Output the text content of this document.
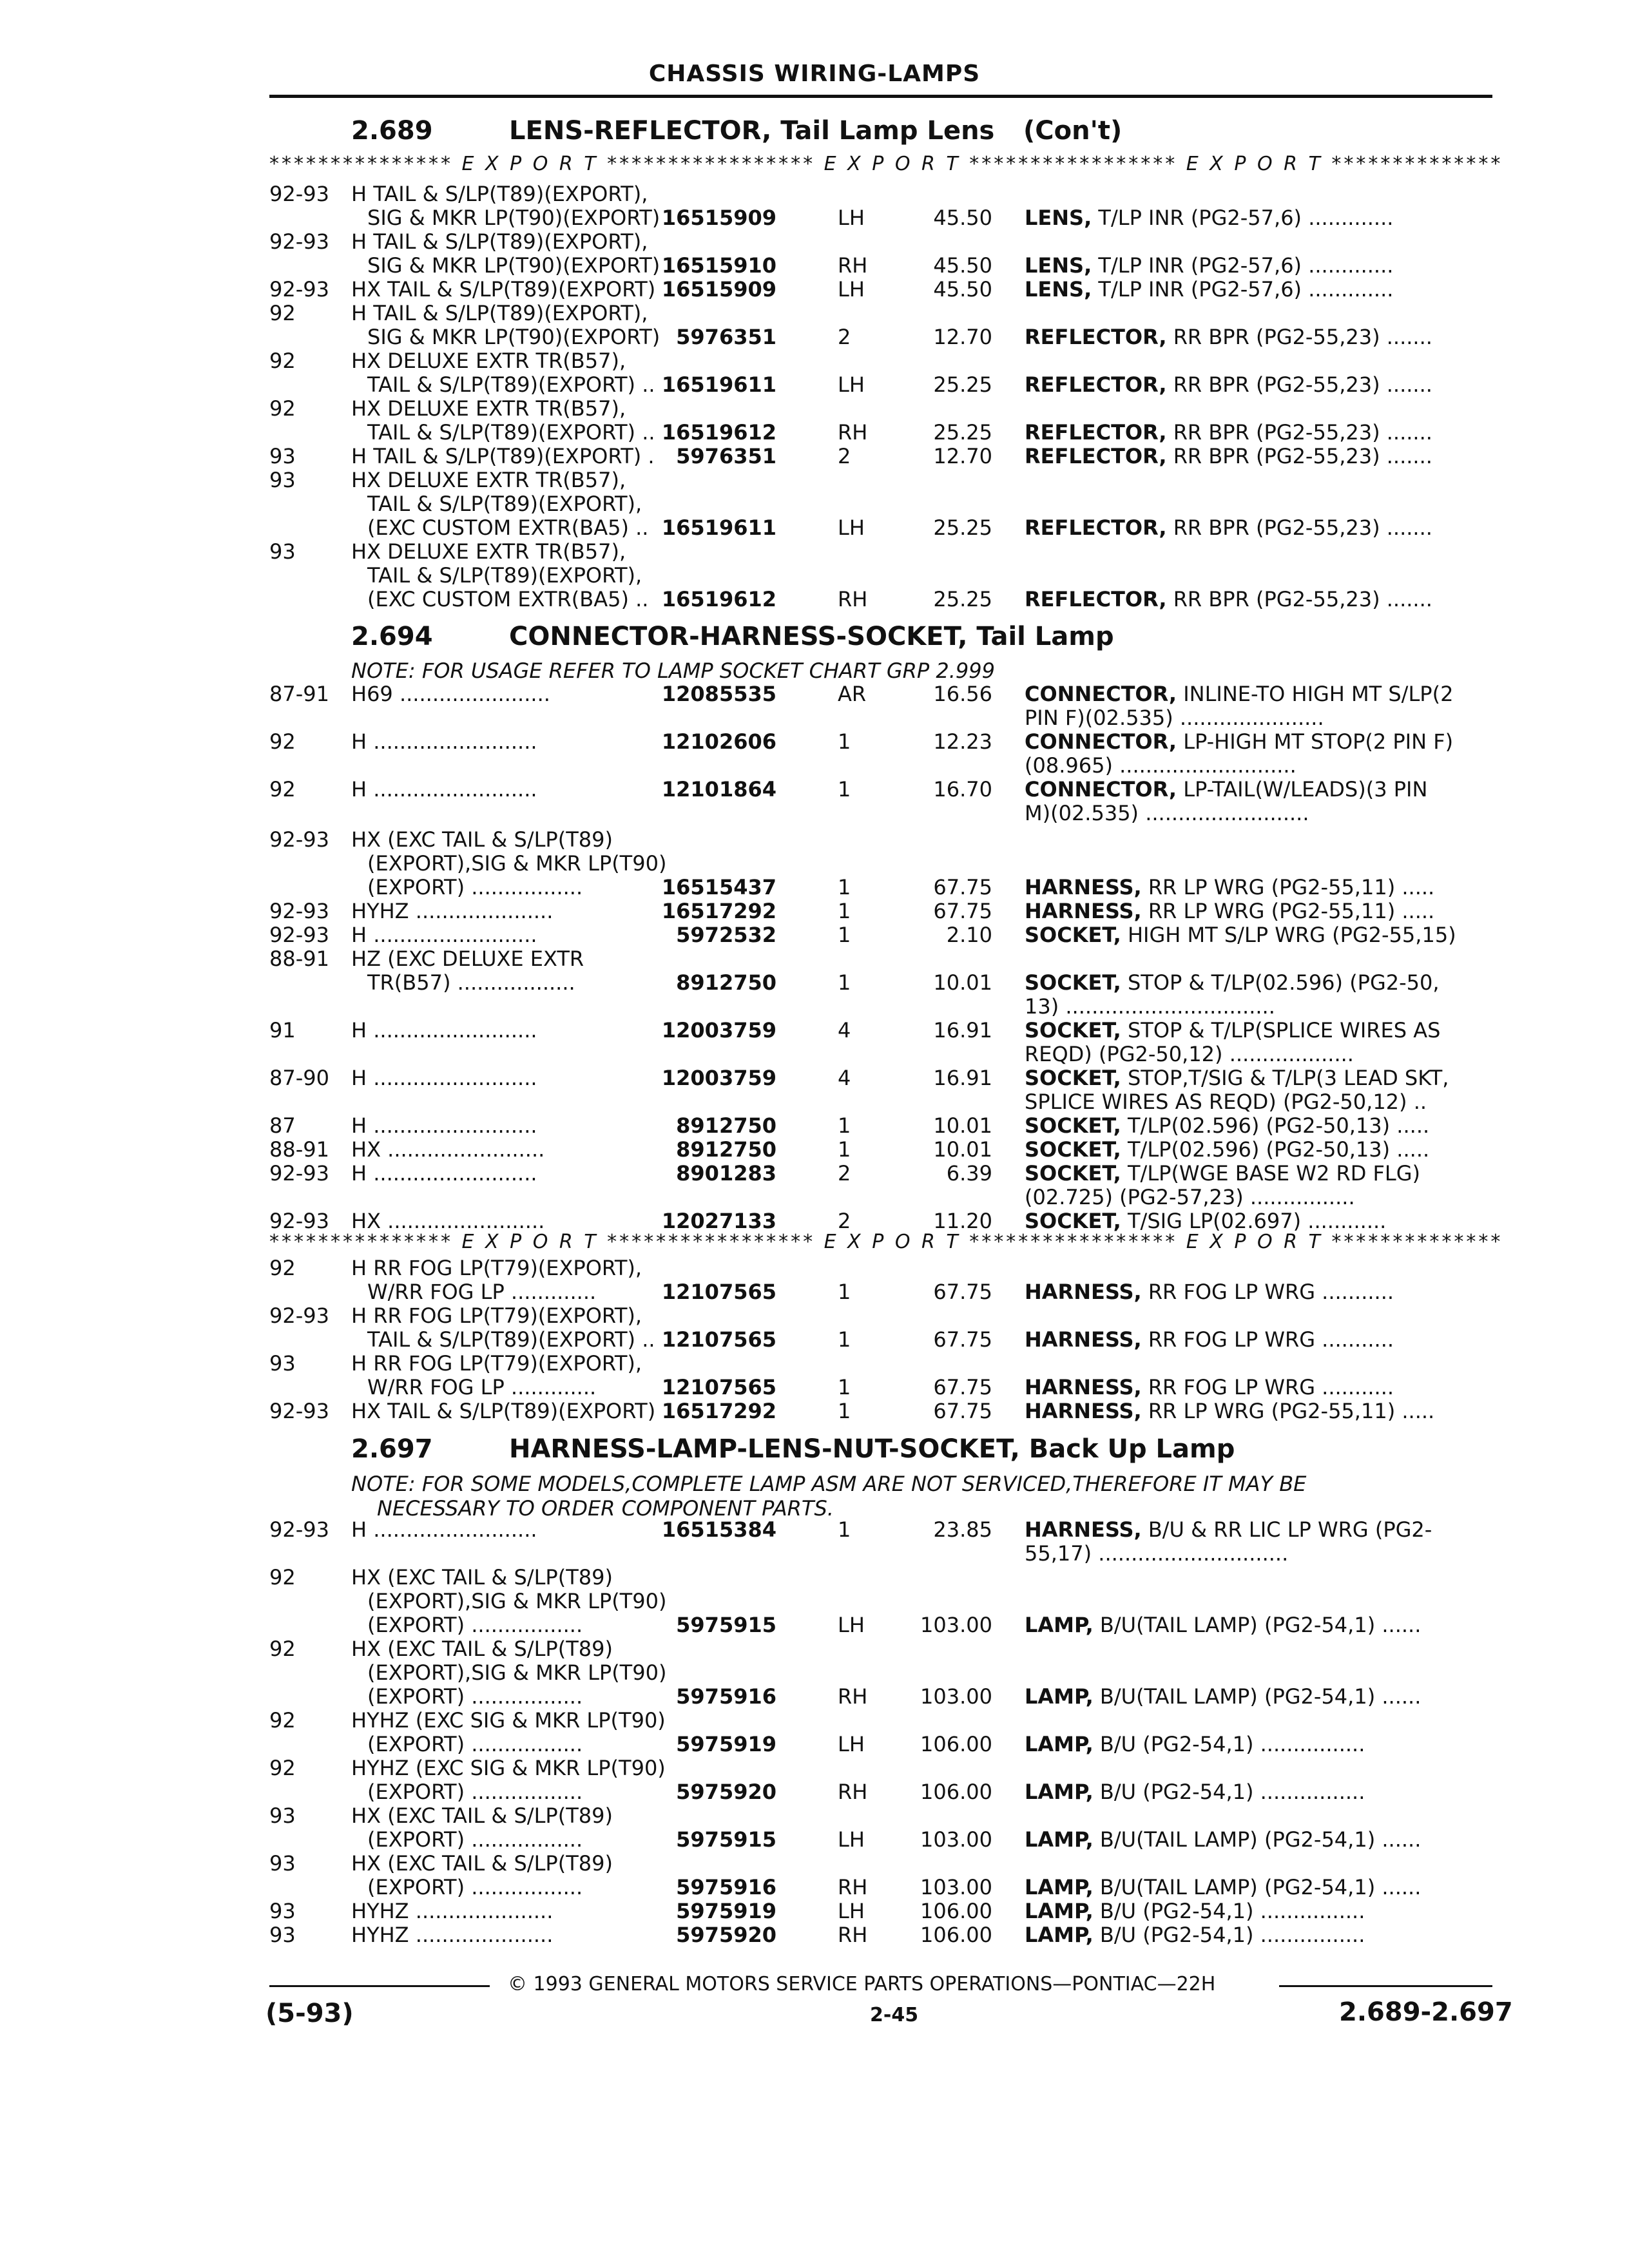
CHASSIS WIRING-LAMPS
2.689	LENS-REFLECTOR, Tail Lamp Lens (Con't)
*************** E X P O R T ***************** E X P O R T ***************** E X P O R T **************
2.694	CONNECTOR-HARNESS-SOCKET, Tail Lamp
NOTE: FOR USAGE REFER TO LAMP SOCKET CHART GRP 2.999
*************** E X P O R T ***************** E X P O R T ***************** E X P O R T **************
2.697	HARNESS-LAMP-LENS-NUT-SOCKET, Back Up Lamp
NOTE: FOR SOME MODELS,COMPLETE LAMP ASM ARE NOT SERVICED,THEREFORE IT MAY BE
NECESSARY TO ORDER COMPONENT PARTS.
92-93 H TAIL & S/LP(T89)(EXPORT),
SIG & MKR LP(T90)(EXPORT) 16515909	LH	45.50 LENS, T/LP INR (PG2-57,6) .............
92-93 H TAIL & S/LP(T89)(EXPORT),
SIG & MKR LP(T90)(EXPORT) 16515910	RH	45.50 LENS, T/LP INR (PG2-57,6) .............
92-93 HX TAIL & S/LP(T89)(EXPORT) 16515909	LH	45.50 LENS, T/LP INR (PG2-57,6) .............
92	H TAIL & S/LP(T89)(EXPORT),
SIG & MKR LP(T90)(EXPORT) 5976351	2	12.70 REFLECTOR, RR BPR (PG2-55,23) .......
92	HX DELUXE EXTR TR(B57),
TAIL & S/LP(T89)(EXPORT) .. 16519611	LH	25.25 REFLECTOR, RR BPR (PG2-55,23) .......
92	HX DELUXE EXTR TR(B57),
TAIL & S/LP(T89)(EXPORT) .. 16519612	RH	25.25 REFLECTOR, RR BPR (PG2-55,23) .......
93	H TAIL & S/LP(T89)(EXPORT) . 5976351	2	12.70 REFLECTOR, RR BPR (PG2-55,23) .......
93	HX DELUXE EXTR TR(B57),
TAIL & S/LP(T89)(EXPORT),
(EXC CUSTOM EXTR(BA5) .. 16519611	LH	25.25 REFLECTOR, RR BPR (PG2-55,23) .......
93	HX DELUXE EXTR TR(B57),
TAIL & S/LP(T89)(EXPORT),
(EXC CUSTOM EXTR(BA5) .. 16519612	RH	25.25 REFLECTOR, RR BPR (PG2-55,23) .......
87-91 H69 .......................	12085535	AR	16.56 CONNECTOR, INLINE-TO HIGH MT S/LP(2
PIN F)(02.535) ......................
92	H .........................	12102606	1	12.23 CONNECTOR, LP-HIGH MT STOP(2 PIN F)
(08.965) ...........................
92	H .........................	12101864	1	16.70 CONNECTOR, LP-TAIL(W/LEADS)(3 PIN
M)(02.535) .........................
92-93 HX (EXC TAIL & S/LP(T89)
(EXPORT),SIG & MKR LP(T90)
(EXPORT) .................	16515437	1	67.75 HARNESS, RR LP WRG (PG2-55,11) .....
92-93 HYHZ .....................	16517292	1	67.75 HARNESS, RR LP WRG (PG2-55,11) .....
92-93 H .........................	5972532	1	2.10 SOCKET, HIGH MT S/LP WRG (PG2-55,15)
88-91 HZ (EXC DELUXE EXTR
TR(B57) ..................	8912750	1	10.01 SOCKET, STOP & T/LP(02.596) (PG2-50,
13) ................................
91	H .........................	12003759	4	16.91 SOCKET, STOP & T/LP(SPLICE WIRES AS
REQD) (PG2-50,12) ...................
87-90 H .........................	12003759	4	16.91 SOCKET, STOP,T/SIG & T/LP(3 LEAD SKT,
SPLICE WIRES AS REQD) (PG2-50,12) ..
87	H .........................	8912750	1	10.01 SOCKET, T/LP(02.596) (PG2-50,13) .....
88-91 HX ........................	8912750	1	10.01 SOCKET, T/LP(02.596) (PG2-50,13) .....
92-93 H .........................	8901283	2	6.39 SOCKET, T/LP(WGE BASE W2 RD FLG)
(02.725) (PG2-57,23) ................
92-93 HX ........................	12027133	2	11.20 SOCKET, T/SIG LP(02.697) ............
92	H RR FOG LP(T79)(EXPORT),
W/RR FOG LP .............	12107565	1	67.75 HARNESS, RR FOG LP WRG ...........
92-93 H RR FOG LP(T79)(EXPORT),
TAIL & S/LP(T89)(EXPORT) .. 12107565	1	67.75 HARNESS, RR FOG LP WRG ...........
93	H RR FOG LP(T79)(EXPORT),
W/RR FOG LP .............	12107565	1	67.75 HARNESS, RR FOG LP WRG ...........
92-93 HX TAIL & S/LP(T89)(EXPORT) 16517292	1	67.75 HARNESS, RR LP WRG (PG2-55,11) .....
92-93 H .........................	16515384	1	23.85 HARNESS, B/U & RR LIC LP WRG (PG2-
55,17) .............................
92	HX (EXC TAIL & S/LP(T89)
(EXPORT),SIG & MKR LP(T90)
(EXPORT) .................	5975915	LH	103.00 LAMP, B/U(TAIL LAMP) (PG2-54,1) ......
92	HX (EXC TAIL & S/LP(T89)
(EXPORT),SIG & MKR LP(T90)
(EXPORT) .................	5975916	RH	103.00 LAMP, B/U(TAIL LAMP) (PG2-54,1) ......
92	HYHZ (EXC SIG & MKR LP(T90)
(EXPORT) .................	5975919	LH	106.00 LAMP, B/U (PG2-54,1) ................
92	HYHZ (EXC SIG & MKR LP(T90)
(EXPORT) .................	5975920	RH	106.00 LAMP, B/U (PG2-54,1) ................
93	HX (EXC TAIL & S/LP(T89)
(EXPORT) .................	5975915	LH	103.00 LAMP, B/U(TAIL LAMP) (PG2-54,1) ......
93	HX (EXC TAIL & S/LP(T89)
(EXPORT) .................	5975916	RH	103.00 LAMP, B/U(TAIL LAMP) (PG2-54,1) ......
93	HYHZ .....................	5975919	LH	106.00 LAMP, B/U (PG2-54,1) ................
93	HYHZ .....................	5975920	RH	106.00 LAMP, B/U (PG2-54,1) ................
© 1993 GENERAL MOTORS SERVICE PARTS OPERATIONS—PONTIAC—22H
(5-93)	2-45	2.689-2.697
